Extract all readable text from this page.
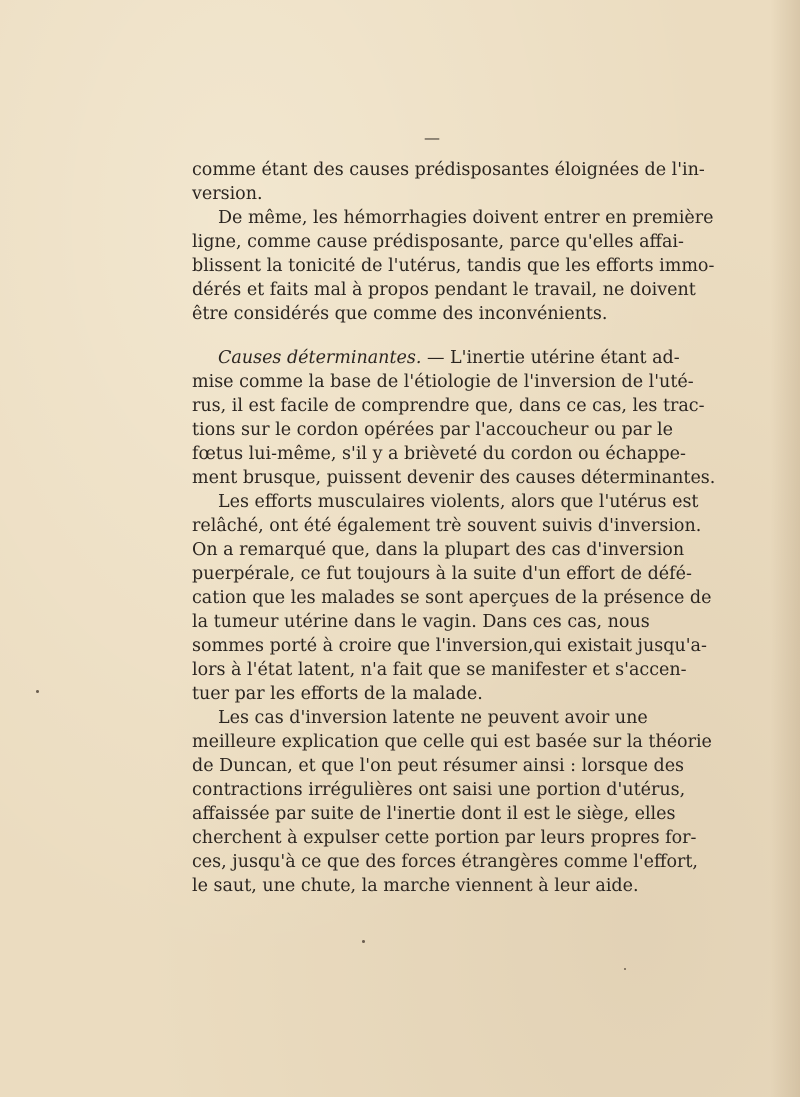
—
comme étant des causes prédisposantes éloignées de l'in-
version.
De même, les hémorrhagies doivent entrer en première
ligne, comme cause prédisposante, parce qu'elles affai-
blissent la tonicité de l'utérus, tandis que les efforts immo-
dérés et faits mal à propos pendant le travail, ne doivent
être considérés que comme des inconvénients.
Causes déterminantes. — L'inertie utérine étant ad-
mise comme la base de l'étiologie de l'inversion de l'uté-
rus, il est facile de comprendre que, dans ce cas, les trac-
tions sur le cordon opérées par l'accoucheur ou par le
fœtus lui-même, s'il y a brièveté du cordon ou échappe-
ment brusque, puissent devenir des causes déterminantes.
Les efforts musculaires violents, alors que l'utérus est
relâché, ont été également trè souvent suivis d'inversion.
On a remarqué que, dans la plupart des cas d'inversion
puerpérale, ce fut toujours à la suite d'un effort de défé-
cation que les malades se sont aperçues de la présence de
la tumeur utérine dans le vagin. Dans ces cas, nous
sommes porté à croire que l'inversion,qui existait jusqu'a-
lors à l'état latent, n'a fait que se manifester et s'accen-
tuer par les efforts de la malade.
Les cas d'inversion latente ne peuvent avoir une
meilleure explication que celle qui est basée sur la théorie
de Duncan, et que l'on peut résumer ainsi : lorsque des
contractions irrégulières ont saisi une portion d'utérus,
affaissée par suite de l'inertie dont il est le siège, elles
cherchent à expulser cette portion par leurs propres for-
ces, jusqu'à ce que des forces étrangères comme l'effort,
le saut, une chute, la marche viennent à leur aide.
